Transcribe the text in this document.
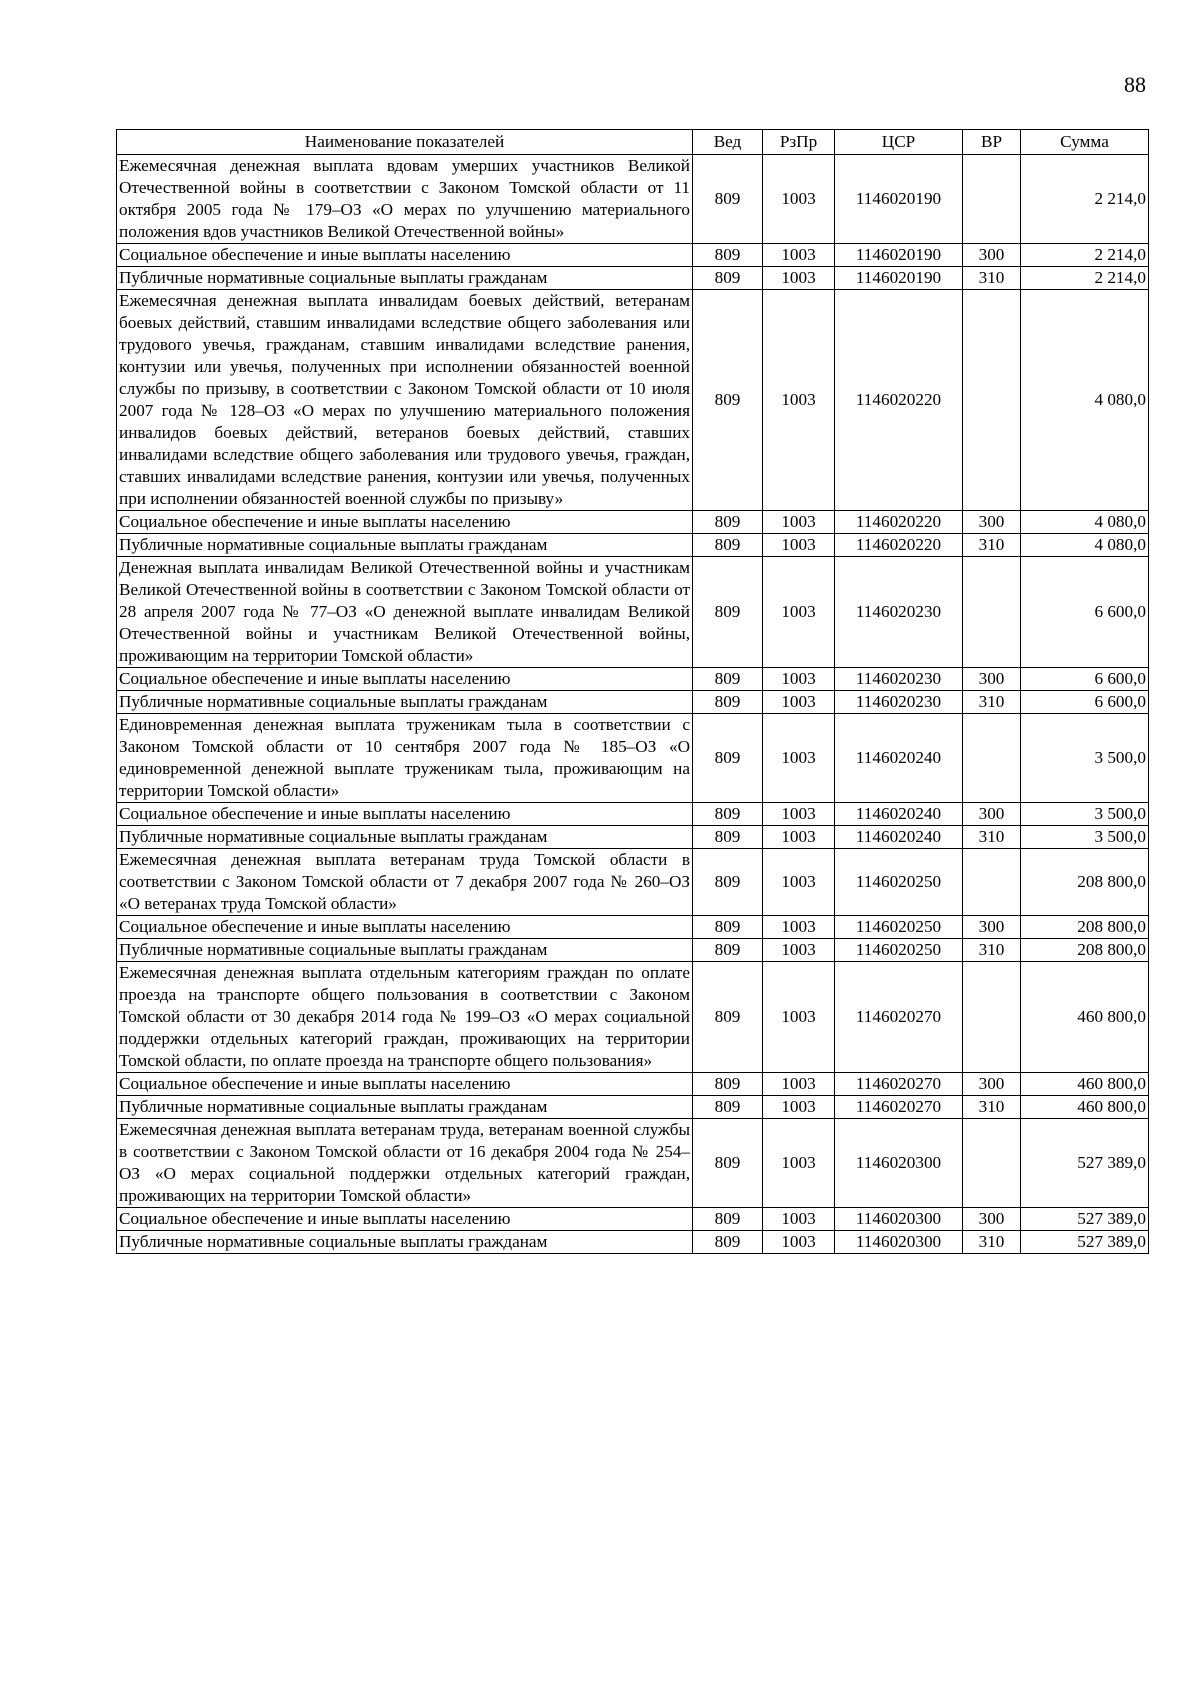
88
Наименование показателей	Вед	РзПр	ЦСР	ВР	Сумма
Ежемесячная денежная выплата вдовам умерших участников Великой Отечественной войны в соответствии с Законом Томской области от 11 октября 2005 года № 179–ОЗ «О мерах по улучшению материального положения вдов участников Великой Отечественной войны»	809	1003	1146020190		2 214,0
Социальное обеспечение и иные выплаты населению	809	1003	1146020190	300	2 214,0
Публичные нормативные социальные выплаты гражданам	809	1003	1146020190	310	2 214,0
Ежемесячная денежная выплата инвалидам боевых действий, ветеранам боевых действий, ставшим инвалидами вследствие общего заболевания или трудового увечья, гражданам, ставшим инвалидами вследствие ранения, контузии или увечья, полученных при исполнении обязанностей военной службы по призыву, в соответствии с Законом Томской области от 10 июля 2007 года № 128–ОЗ «О мерах по улучшению материального положения инвалидов боевых действий, ветеранов боевых действий, ставших инвалидами вследствие общего заболевания или трудового увечья, граждан, ставших инвалидами вследствие ранения, контузии или увечья, полученных при исполнении обязанностей военной службы по призыву»	809	1003	1146020220		4 080,0
Социальное обеспечение и иные выплаты населению	809	1003	1146020220	300	4 080,0
Публичные нормативные социальные выплаты гражданам	809	1003	1146020220	310	4 080,0
Денежная выплата инвалидам Великой Отечественной войны и участникам Великой Отечественной войны в соответствии с Законом Томской области от 28 апреля 2007 года № 77–ОЗ «О денежной выплате инвалидам Великой Отечественной войны и участникам Великой Отечественной войны, проживающим на территории Томской области»	809	1003	1146020230		6 600,0
Социальное обеспечение и иные выплаты населению	809	1003	1146020230	300	6 600,0
Публичные нормативные социальные выплаты гражданам	809	1003	1146020230	310	6 600,0
Единовременная денежная выплата труженикам тыла в соответствии с Законом Томской области от 10 сентября 2007 года № 185–ОЗ «О единовременной денежной выплате труженикам тыла, проживающим на территории Томской области»	809	1003	1146020240		3 500,0
Социальное обеспечение и иные выплаты населению	809	1003	1146020240	300	3 500,0
Публичные нормативные социальные выплаты гражданам	809	1003	1146020240	310	3 500,0
Ежемесячная денежная выплата ветеранам труда Томской области в соответствии с Законом Томской области от 7 декабря 2007 года № 260–ОЗ «О ветеранах труда Томской области»	809	1003	1146020250		208 800,0
Социальное обеспечение и иные выплаты населению	809	1003	1146020250	300	208 800,0
Публичные нормативные социальные выплаты гражданам	809	1003	1146020250	310	208 800,0
Ежемесячная денежная выплата отдельным категориям граждан по оплате проезда на транспорте общего пользования в соответствии с Законом Томской области от 30 декабря 2014 года № 199–ОЗ «О мерах социальной поддержки отдельных категорий граждан, проживающих на территории Томской области, по оплате проезда на транспорте общего пользования»	809	1003	1146020270		460 800,0
Социальное обеспечение и иные выплаты населению	809	1003	1146020270	300	460 800,0
Публичные нормативные социальные выплаты гражданам	809	1003	1146020270	310	460 800,0
Ежемесячная денежная выплата ветеранам труда, ветеранам военной службы в соответствии с Законом Томской области от 16 декабря 2004 года № 254–ОЗ «О мерах социальной поддержки отдельных категорий граждан, проживающих на территории Томской области»	809	1003	1146020300		527 389,0
Социальное обеспечение и иные выплаты населению	809	1003	1146020300	300	527 389,0
Публичные нормативные социальные выплаты гражданам	809	1003	1146020300	310	527 389,0
